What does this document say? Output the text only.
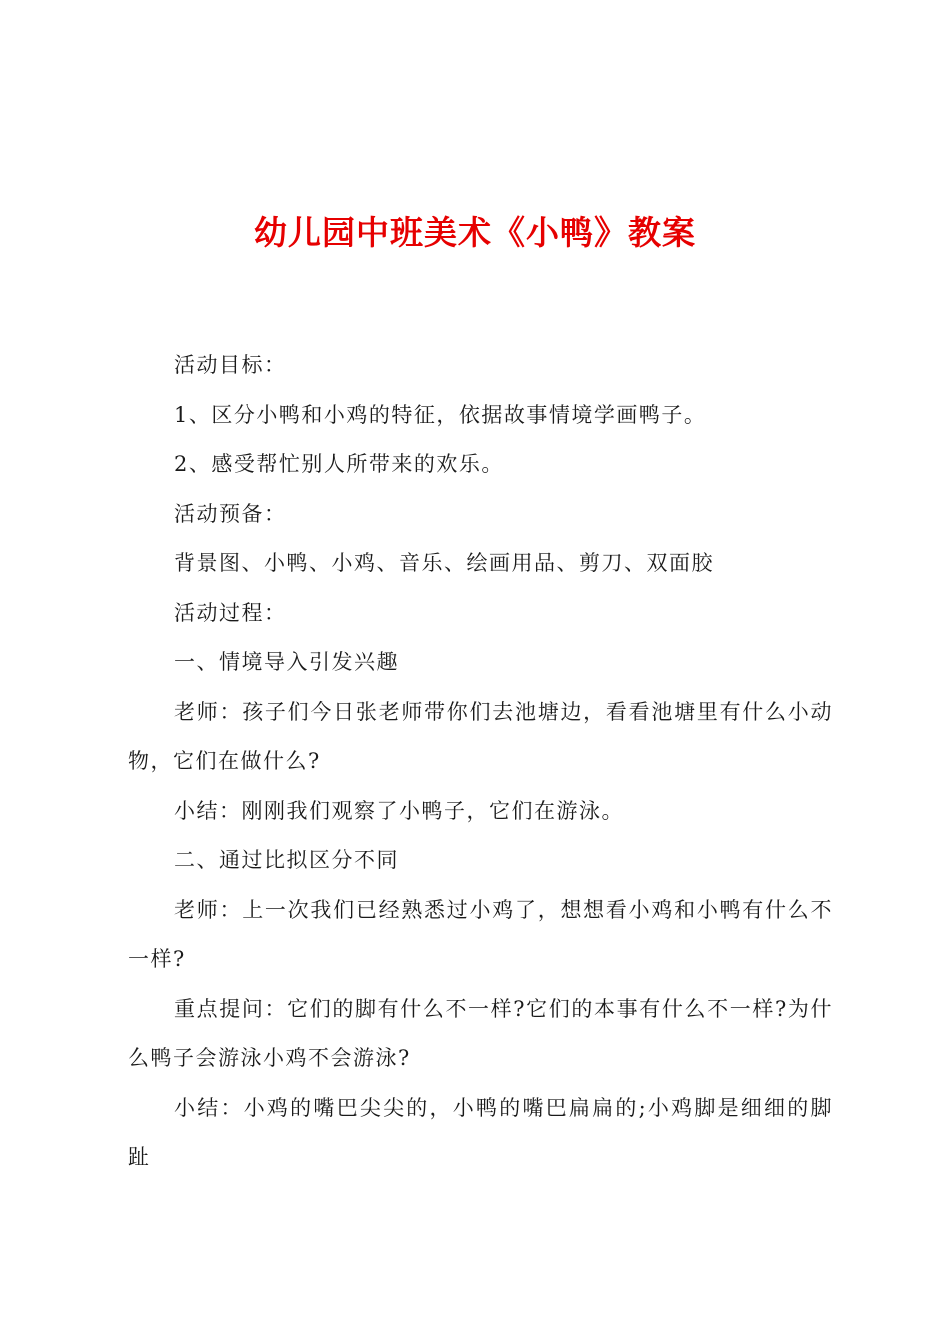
幼儿园中班美术《小鸭》教案

活动目标：

1、区分小鸭和小鸡的特征，依据故事情境学画鸭子。

2、感受帮忙别人所带来的欢乐。

活动预备：

背景图、小鸭、小鸡、音乐、绘画用品、剪刀、双面胶

活动过程：

一、情境导入引发兴趣

老师：孩子们今日张老师带你们去池塘边，看看池塘里有什么小动物，它们在做什么?

小结：刚刚我们观察了小鸭子，它们在游泳。

二、通过比拟区分不同

老师：上一次我们已经熟悉过小鸡了，想想看小鸡和小鸭有什么不一样?

重点提问：它们的脚有什么不一样?它们的本事有什么不一样?为什么鸭子会游泳小鸡不会游泳?

小结：小鸡的嘴巴尖尖的，小鸭的嘴巴扁扁的;小鸡脚是细细的脚趾
